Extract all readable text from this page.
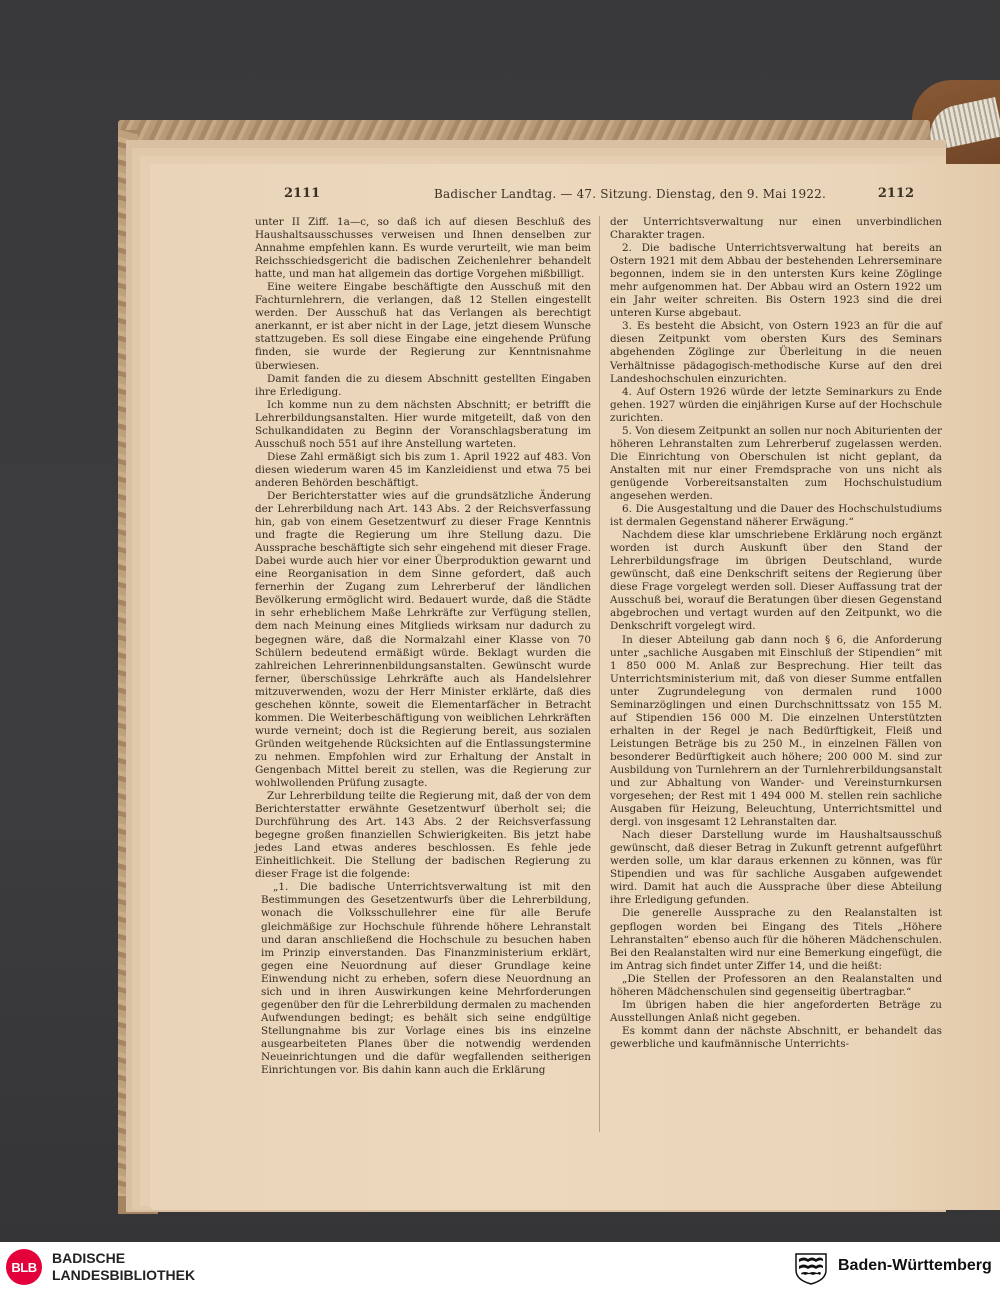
2111	Badischer Landtag. — 47. Sitzung. Dienstag, den 9. Mai 1922.	2112

unter II Ziff. 1a—c, so daß ich auf diesen Beschluß des Haushaltsausschusses verweisen und Ihnen denselben zur Annahme empfehlen kann. Es wurde verurteilt, wie man beim Reichsschiedsgericht die badischen Zeichenlehrer behandelt hatte, und man hat allgemein das dortige Vorgehen mißbilligt.

Eine weitere Eingabe beschäftigte den Ausschuß mit den Fachturnlehrern, die verlangen, daß 12 Stellen eingestellt werden. Der Ausschuß hat das Verlangen als berechtigt anerkannt, er ist aber nicht in der Lage, jetzt diesem Wunsche stattzugeben. Es soll diese Eingabe eine eingehende Prüfung finden, sie wurde der Regierung zur Kenntnisnahme überwiesen.

Damit fanden die zu diesem Abschnitt gestellten Eingaben ihre Erledigung.

Ich komme nun zu dem nächsten Abschnitt; er betrifft die Lehrerbildungsanstalten. Hier wurde mitgeteilt, daß von den Schulkandidaten zu Beginn der Voranschlagsberatung im Ausschuß noch 551 auf ihre Anstellung warteten.

Diese Zahl ermäßigt sich bis zum 1. April 1922 auf 483. Von diesen wiederum waren 45 im Kanzleidienst und etwa 75 bei anderen Behörden beschäftigt.

Der Berichterstatter wies auf die grundsätzliche Änderung der Lehrerbildung nach Art. 143 Abs. 2 der Reichsverfassung hin, gab von einem Gesetzentwurf zu dieser Frage Kenntnis und fragte die Regierung um ihre Stellung dazu. Die Aussprache beschäftigte sich sehr eingehend mit dieser Frage. Dabei wurde auch hier vor einer Überproduktion gewarnt und eine Reorganisation in dem Sinne gefordert, daß auch fernerhin der Zugang zum Lehrerberuf der ländlichen Bevölkerung ermöglicht wird. Bedauert wurde, daß die Städte in sehr erheblichem Maße Lehrkräfte zur Verfügung stellen, dem nach Meinung eines Mitglieds wirksam nur dadurch zu begegnen wäre, daß die Normalzahl einer Klasse von 70 Schülern bedeutend ermäßigt würde. Beklagt wurden die zahlreichen Lehrerinnenbildungsanstalten. Gewünscht wurde ferner, überschüssige Lehrkräfte auch als Handelslehrer mitzuverwenden, wozu der Herr Minister erklärte, daß dies geschehen könnte, soweit die Elementarfächer in Betracht kommen. Die Weiterbeschäftigung von weiblichen Lehrkräften wurde verneint; doch ist die Regierung bereit, aus sozialen Gründen weitgehende Rücksichten auf die Entlassungstermine zu nehmen. Empfohlen wird zur Erhaltung der Anstalt in Gengenbach Mittel bereit zu stellen, was die Regierung zur wohlwollenden Prüfung zusagte.

Zur Lehrerbildung teilte die Regierung mit, daß der von dem Berichterstatter erwähnte Gesetzentwurf überholt sei; die Durchführung des Art. 143 Abs. 2 der Reichsverfassung begegne großen finanziellen Schwierigkeiten. Bis jetzt habe jedes Land etwas anderes beschlossen. Es fehle jede Einheitlichkeit. Die Stellung der badischen Regierung zu dieser Frage ist die folgende:

„1. Die badische Unterrichtsverwaltung ist mit den Bestimmungen des Gesetzentwurfs über die Lehrerbildung, wonach die Volksschullehrer eine für alle Berufe gleichmäßige zur Hochschule führende höhere Lehranstalt und daran anschließend die Hochschule zu besuchen haben im Prinzip einverstanden. Das Finanzministerium erklärt, gegen eine Neuordnung auf dieser Grundlage keine Einwendung nicht zu erheben, sofern diese Neuordnung an sich und in ihren Auswirkungen keine Mehrforderungen gegenüber den für die Lehrerbildung dermalen zu machenden Aufwendungen bedingt; es behält sich seine endgültige Stellungnahme bis zur Vorlage eines bis ins einzelne ausgearbeiteten Planes über die notwendig werdenden Neueinrichtungen und die dafür wegfallenden seitherigen Einrichtungen vor. Bis dahin kann auch die Erklärung

der Unterrichtsverwaltung nur einen unverbindlichen Charakter tragen.

2. Die badische Unterrichtsverwaltung hat bereits an Ostern 1921 mit dem Abbau der bestehenden Lehrerseminare begonnen, indem sie in den untersten Kurs keine Zöglinge mehr aufgenommen hat. Der Abbau wird an Ostern 1922 um ein Jahr weiter schreiten. Bis Ostern 1923 sind die drei unteren Kurse abgebaut.

3. Es besteht die Absicht, von Ostern 1923 an für die auf diesen Zeitpunkt vom obersten Kurs des Seminars abgehenden Zöglinge zur Überleitung in die neuen Verhältnisse pädagogisch-methodische Kurse auf den drei Landeshochschulen einzurichten.

4. Auf Ostern 1926 würde der letzte Seminarkurs zu Ende gehen. 1927 würden die einjährigen Kurse auf der Hochschule zurichten.

5. Von diesem Zeitpunkt an sollen nur noch Abiturienten der höheren Lehranstalten zum Lehrerberuf zugelassen werden. Die Einrichtung von Oberschulen ist nicht geplant, da Anstalten mit nur einer Fremdsprache von uns nicht als genügende Vorbereitsanstalten zum Hochschulstudium angesehen werden.

6. Die Ausgestaltung und die Dauer des Hochschulstudiums ist dermalen Gegenstand näherer Erwägung.“

Nachdem diese klar umschriebene Erklärung noch ergänzt worden ist durch Auskunft über den Stand der Lehrerbildungsfrage im übrigen Deutschland, wurde gewünscht, daß eine Denkschrift seitens der Regierung über diese Frage vorgelegt werden soll. Dieser Auffassung trat der Ausschuß bei, worauf die Beratungen über diesen Gegenstand abgebrochen und vertagt wurden auf den Zeitpunkt, wo die Denkschrift vorgelegt wird.

In dieser Abteilung gab dann noch § 6, die Anforderung unter „sachliche Ausgaben mit Einschluß der Stipendien“ mit 1 850 000 M. Anlaß zur Besprechung. Hier teilt das Unterrichtsministerium mit, daß von dieser Summe entfallen unter Zugrundelegung von dermalen rund 1000 Seminarzöglingen und einen Durchschnittssatz von 155 M. auf Stipendien 156 000 M. Die einzelnen Unterstützten erhalten in der Regel je nach Bedürftigkeit, Fleiß und Leistungen Beträge bis zu 250 M., in einzelnen Fällen von besonderer Bedürftigkeit auch höhere; 200 000 M. sind zur Ausbildung von Turnlehrern an der Turnlehrerbildungsanstalt und zur Abhaltung von Wander- und Vereinsturnkursen vorgesehen; der Rest mit 1 494 000 M. stellen rein sachliche Ausgaben für Heizung, Beleuchtung, Unterrichtsmittel und dergl. von insgesamt 12 Lehranstalten dar.

Nach dieser Darstellung wurde im Haushaltsausschuß gewünscht, daß dieser Betrag in Zukunft getrennt aufgeführt werden solle, um klar daraus erkennen zu können, was für Stipendien und was für sachliche Ausgaben aufgewendet wird. Damit hat auch die Aussprache über diese Abteilung ihre Erledigung gefunden.

Die generelle Aussprache zu den Realanstalten ist gepflogen worden bei Eingang des Titels „Höhere Lehranstalten“ ebenso auch für die höheren Mädchenschulen. Bei den Realanstalten wird nur eine Bemerkung eingefügt, die im Antrag sich findet unter Ziffer 14, und die heißt:

„Die Stellen der Professoren an den Realanstalten und höheren Mädchenschulen sind gegenseitig übertragbar.“

Im übrigen haben die hier angeforderten Beträge zu Ausstellungen Anlaß nicht gegeben.

Es kommt dann der nächste Abschnitt, er behandelt das gewerbliche und kaufmännische Unterrichts-

BLB
BADISCHE
LANDESBIBLIOTHEK
Baden-Württemberg
